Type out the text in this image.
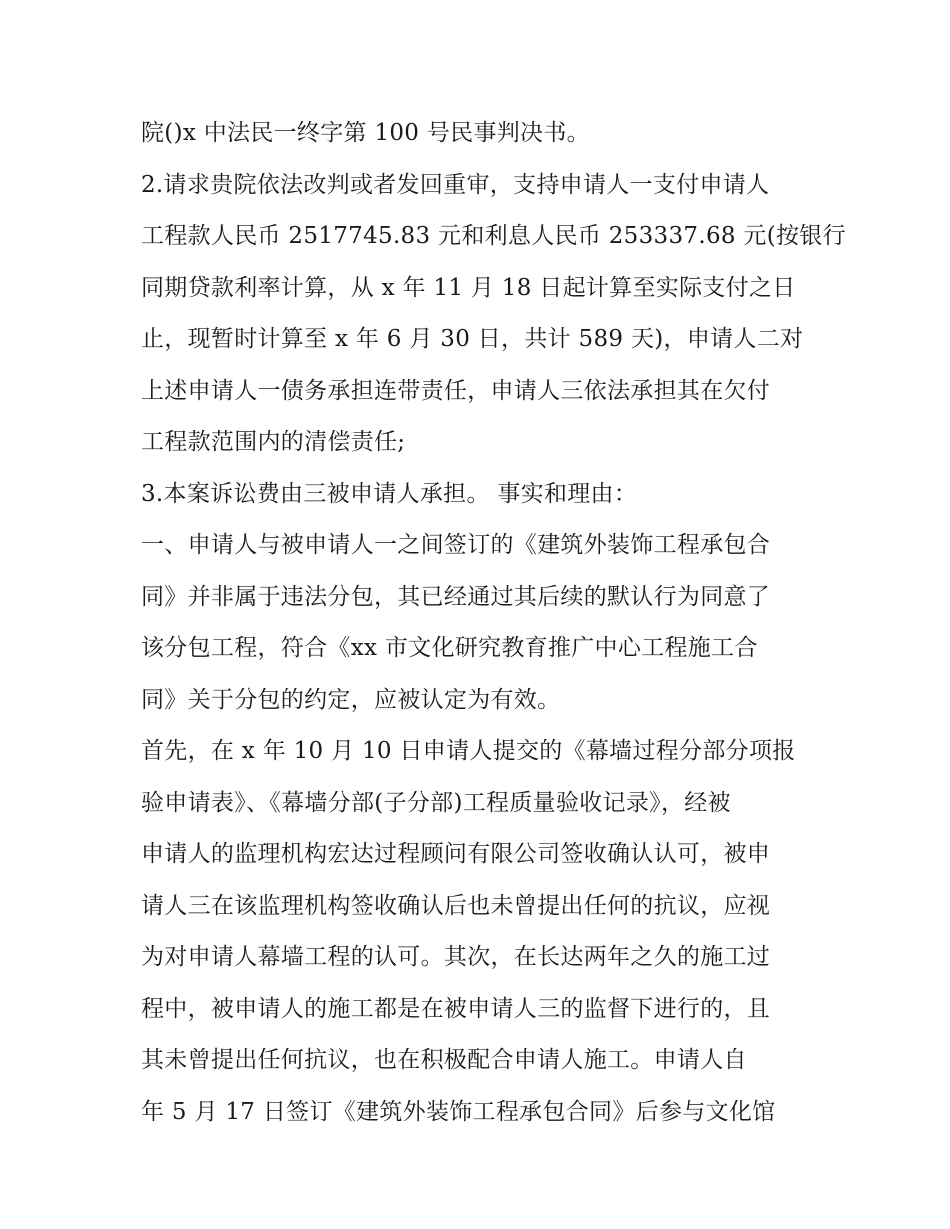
院()x 中法民一终字第 100 号民事判决书。
2.请求贵院依法改判或者发回重审，支持申请人一支付申请人
工程款人民币 2517745.83 元和利息人民币 253337.68 元(按银行
同期贷款利率计算，从 x 年 11 月 18 日起计算至实际支付之日
止，现暂时计算至 x 年 6 月 30 日，共计 589 天)，申请人二对
上述申请人一债务承担连带责任，申请人三依法承担其在欠付
工程款范围内的清偿责任;
3.本案诉讼费由三被申请人承担。 事实和理由：
一、申请人与被申请人一之间签订的《建筑外装饰工程承包合
同》并非属于违法分包，其已经通过其后续的默认行为同意了
该分包工程，符合《xx 市文化研究教育推广中心工程施工合
同》关于分包的约定，应被认定为有效。
首先，在 x 年 10 月 10 日申请人提交的《幕墙过程分部分项报
验申请表》、《幕墙分部(子分部)工程质量验收记录》，经被
申请人的监理机构宏达过程顾问有限公司签收确认认可，被申
请人三在该监理机构签收确认后也未曾提出任何的抗议，应视
为对申请人幕墙工程的认可。其次，在长达两年之久的施工过
程中，被申请人的施工都是在被申请人三的监督下进行的，且
其未曾提出任何抗议，也在积极配合申请人施工。申请人自
年 5 月 17 日签订《建筑外装饰工程承包合同》后参与文化馆
